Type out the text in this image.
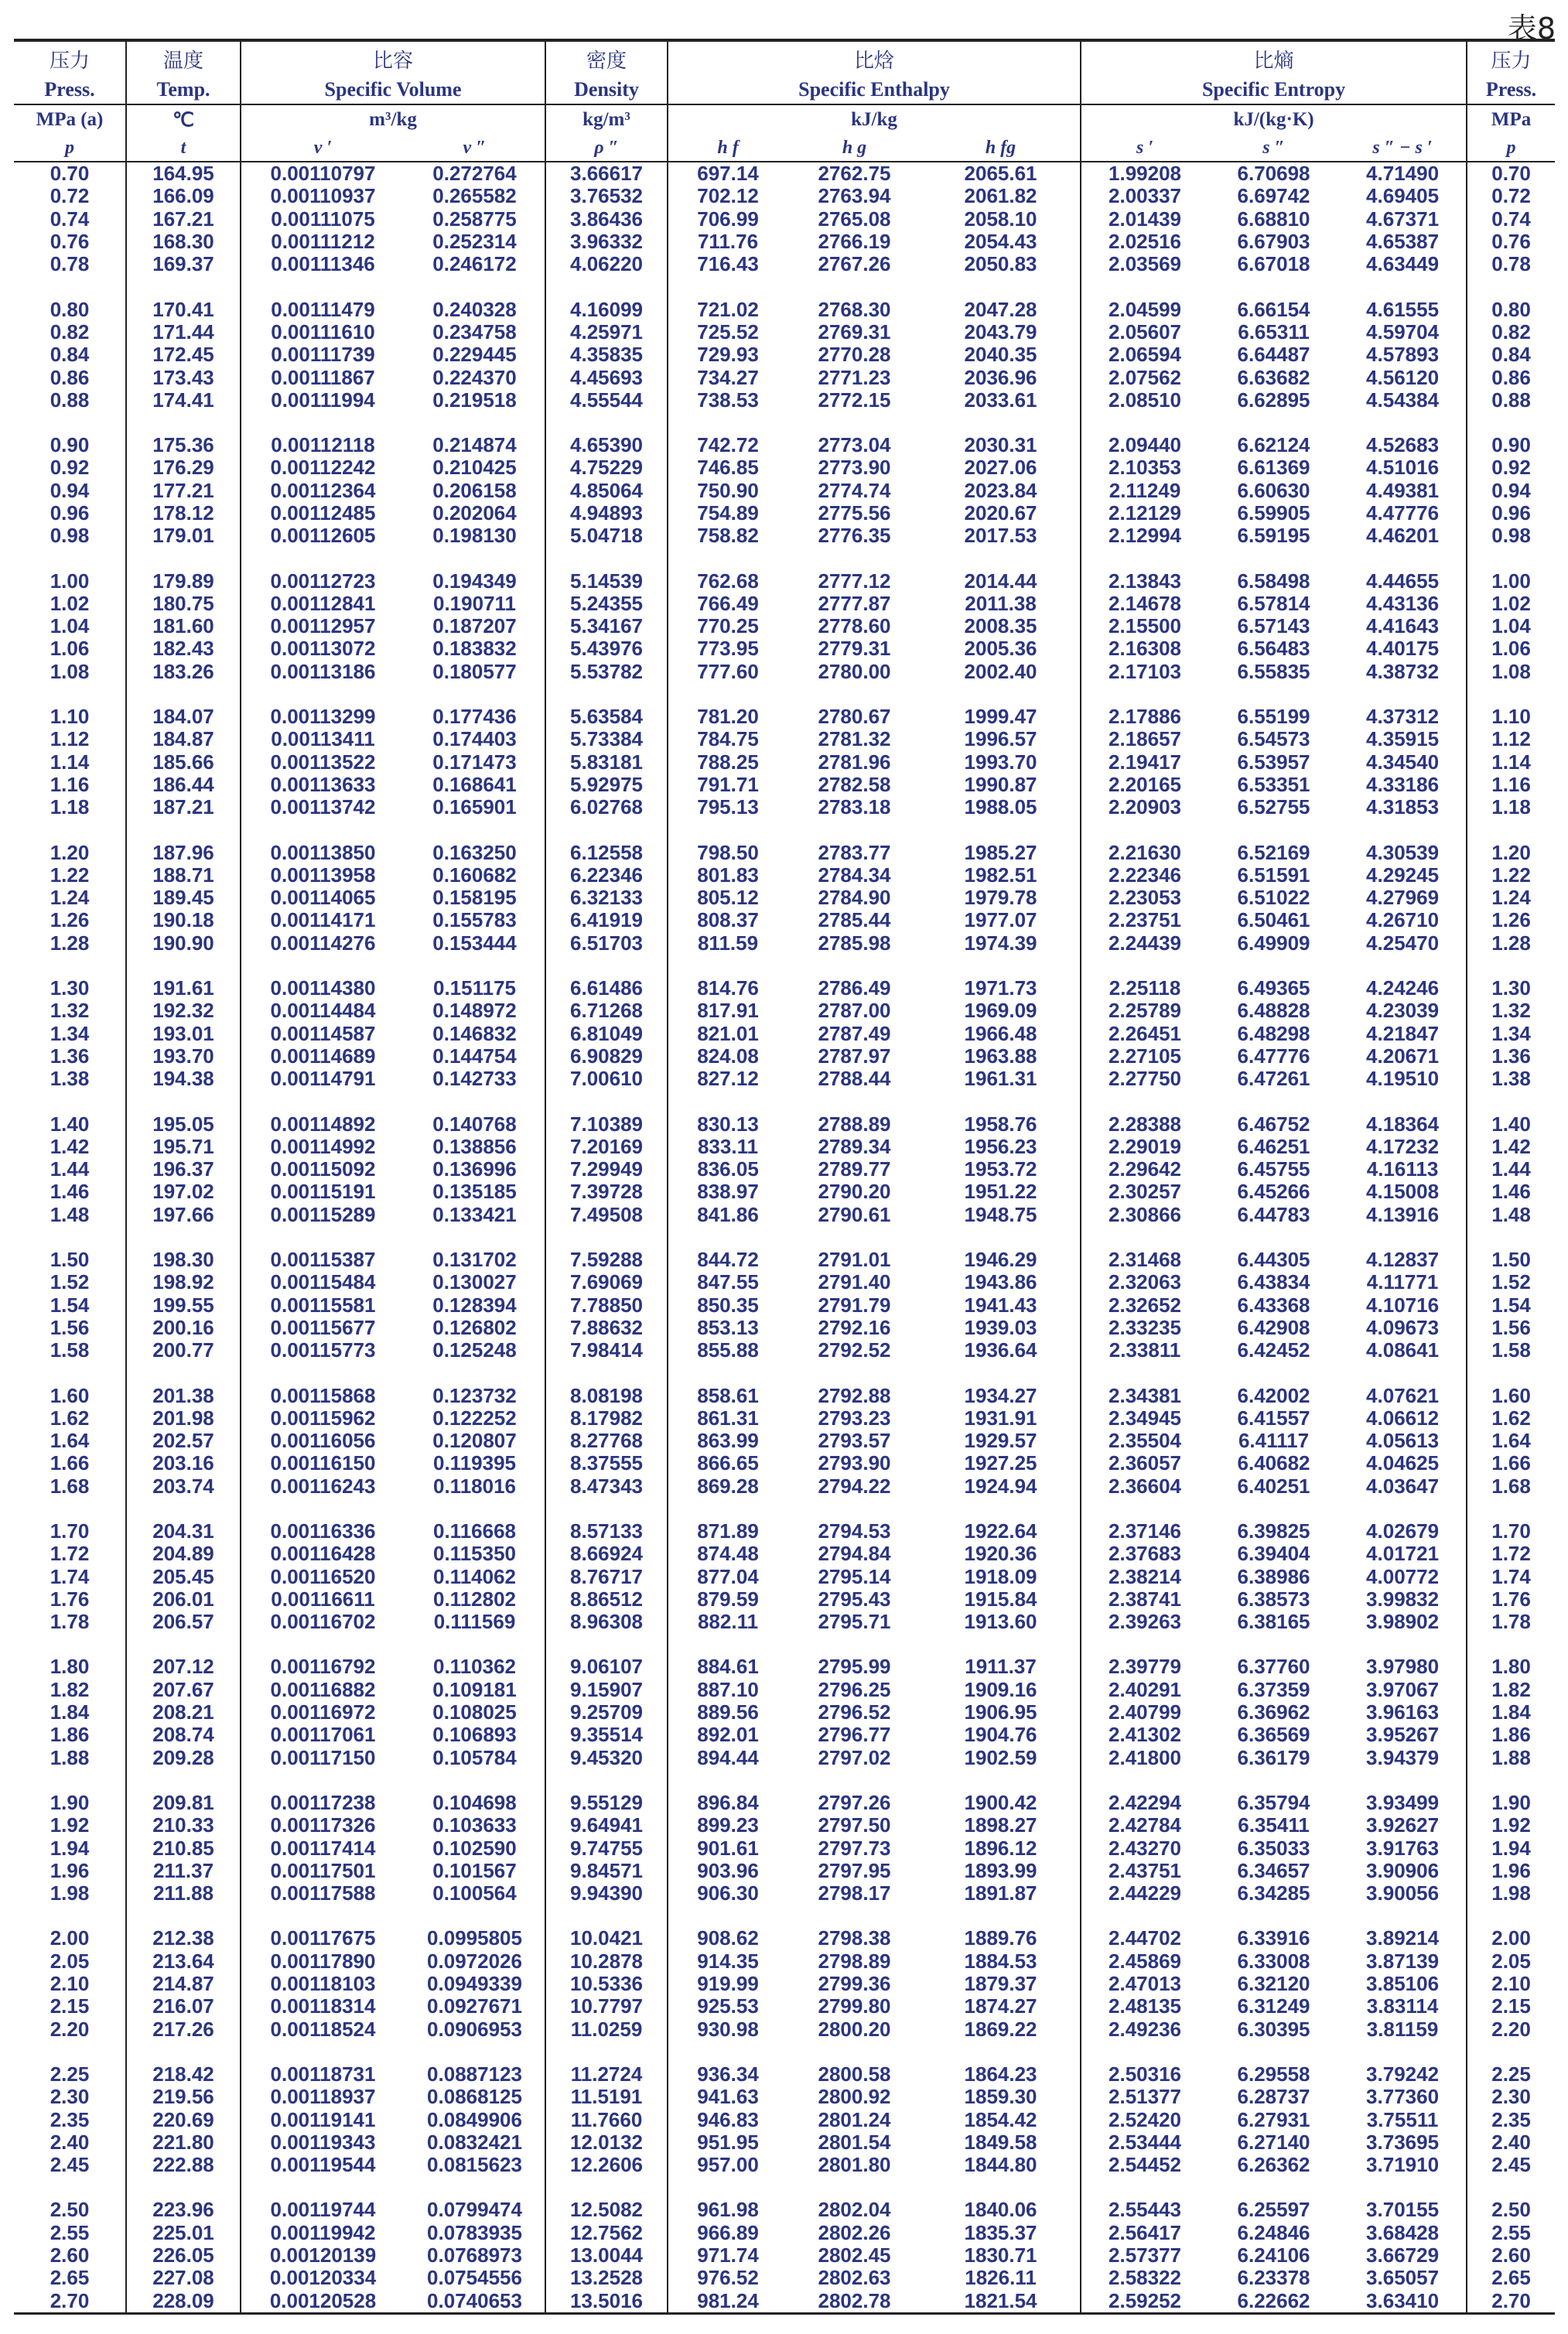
表8
压力	温度	比容		密度	比焓			比熵			压力
Press.	Temp.	Specific Volume		Density	Specific Enthalpy			Specific Entropy			Press.
MPa (a)	℃	m³/kg		kg/m³	kJ/kg			kJ/(kg·K)			MPa
p	t	v ′	v ″	ρ ″	h f	h g	h fg	s ′	s ″	s ″ − s ′	p
0.70	164.95	0.00110797	0.272764	3.66617	697.14	2762.75	2065.61	1.99208	6.70698	4.71490	0.70
0.72	166.09	0.00110937	0.265582	3.76532	702.12	2763.94	2061.82	2.00337	6.69742	4.69405	0.72
0.74	167.21	0.00111075	0.258775	3.86436	706.99	2765.08	2058.10	2.01439	6.68810	4.67371	0.74
0.76	168.30	0.00111212	0.252314	3.96332	711.76	2766.19	2054.43	2.02516	6.67903	4.65387	0.76
0.78	169.37	0.00111346	0.246172	4.06220	716.43	2767.26	2050.83	2.03569	6.67018	4.63449	0.78

0.80	170.41	0.00111479	0.240328	4.16099	721.02	2768.30	2047.28	2.04599	6.66154	4.61555	0.80
0.82	171.44	0.00111610	0.234758	4.25971	725.52	2769.31	2043.79	2.05607	6.65311	4.59704	0.82
0.84	172.45	0.00111739	0.229445	4.35835	729.93	2770.28	2040.35	2.06594	6.64487	4.57893	0.84
0.86	173.43	0.00111867	0.224370	4.45693	734.27	2771.23	2036.96	2.07562	6.63682	4.56120	0.86
0.88	174.41	0.00111994	0.219518	4.55544	738.53	2772.15	2033.61	2.08510	6.62895	4.54384	0.88

0.90	175.36	0.00112118	0.214874	4.65390	742.72	2773.04	2030.31	2.09440	6.62124	4.52683	0.90
0.92	176.29	0.00112242	0.210425	4.75229	746.85	2773.90	2027.06	2.10353	6.61369	4.51016	0.92
0.94	177.21	0.00112364	0.206158	4.85064	750.90	2774.74	2023.84	2.11249	6.60630	4.49381	0.94
0.96	178.12	0.00112485	0.202064	4.94893	754.89	2775.56	2020.67	2.12129	6.59905	4.47776	0.96
0.98	179.01	0.00112605	0.198130	5.04718	758.82	2776.35	2017.53	2.12994	6.59195	4.46201	0.98

1.00	179.89	0.00112723	0.194349	5.14539	762.68	2777.12	2014.44	2.13843	6.58498	4.44655	1.00
1.02	180.75	0.00112841	0.190711	5.24355	766.49	2777.87	2011.38	2.14678	6.57814	4.43136	1.02
1.04	181.60	0.00112957	0.187207	5.34167	770.25	2778.60	2008.35	2.15500	6.57143	4.41643	1.04
1.06	182.43	0.00113072	0.183832	5.43976	773.95	2779.31	2005.36	2.16308	6.56483	4.40175	1.06
1.08	183.26	0.00113186	0.180577	5.53782	777.60	2780.00	2002.40	2.17103	6.55835	4.38732	1.08

1.10	184.07	0.00113299	0.177436	5.63584	781.20	2780.67	1999.47	2.17886	6.55199	4.37312	1.10
1.12	184.87	0.00113411	0.174403	5.73384	784.75	2781.32	1996.57	2.18657	6.54573	4.35915	1.12
1.14	185.66	0.00113522	0.171473	5.83181	788.25	2781.96	1993.70	2.19417	6.53957	4.34540	1.14
1.16	186.44	0.00113633	0.168641	5.92975	791.71	2782.58	1990.87	2.20165	6.53351	4.33186	1.16
1.18	187.21	0.00113742	0.165901	6.02768	795.13	2783.18	1988.05	2.20903	6.52755	4.31853	1.18

1.20	187.96	0.00113850	0.163250	6.12558	798.50	2783.77	1985.27	2.21630	6.52169	4.30539	1.20
1.22	188.71	0.00113958	0.160682	6.22346	801.83	2784.34	1982.51	2.22346	6.51591	4.29245	1.22
1.24	189.45	0.00114065	0.158195	6.32133	805.12	2784.90	1979.78	2.23053	6.51022	4.27969	1.24
1.26	190.18	0.00114171	0.155783	6.41919	808.37	2785.44	1977.07	2.23751	6.50461	4.26710	1.26
1.28	190.90	0.00114276	0.153444	6.51703	811.59	2785.98	1974.39	2.24439	6.49909	4.25470	1.28

1.30	191.61	0.00114380	0.151175	6.61486	814.76	2786.49	1971.73	2.25118	6.49365	4.24246	1.30
1.32	192.32	0.00114484	0.148972	6.71268	817.91	2787.00	1969.09	2.25789	6.48828	4.23039	1.32
1.34	193.01	0.00114587	0.146832	6.81049	821.01	2787.49	1966.48	2.26451	6.48298	4.21847	1.34
1.36	193.70	0.00114689	0.144754	6.90829	824.08	2787.97	1963.88	2.27105	6.47776	4.20671	1.36
1.38	194.38	0.00114791	0.142733	7.00610	827.12	2788.44	1961.31	2.27750	6.47261	4.19510	1.38

1.40	195.05	0.00114892	0.140768	7.10389	830.13	2788.89	1958.76	2.28388	6.46752	4.18364	1.40
1.42	195.71	0.00114992	0.138856	7.20169	833.11	2789.34	1956.23	2.29019	6.46251	4.17232	1.42
1.44	196.37	0.00115092	0.136996	7.29949	836.05	2789.77	1953.72	2.29642	6.45755	4.16113	1.44
1.46	197.02	0.00115191	0.135185	7.39728	838.97	2790.20	1951.22	2.30257	6.45266	4.15008	1.46
1.48	197.66	0.00115289	0.133421	7.49508	841.86	2790.61	1948.75	2.30866	6.44783	4.13916	1.48

1.50	198.30	0.00115387	0.131702	7.59288	844.72	2791.01	1946.29	2.31468	6.44305	4.12837	1.50
1.52	198.92	0.00115484	0.130027	7.69069	847.55	2791.40	1943.86	2.32063	6.43834	4.11771	1.52
1.54	199.55	0.00115581	0.128394	7.78850	850.35	2791.79	1941.43	2.32652	6.43368	4.10716	1.54
1.56	200.16	0.00115677	0.126802	7.88632	853.13	2792.16	1939.03	2.33235	6.42908	4.09673	1.56
1.58	200.77	0.00115773	0.125248	7.98414	855.88	2792.52	1936.64	2.33811	6.42452	4.08641	1.58

1.60	201.38	0.00115868	0.123732	8.08198	858.61	2792.88	1934.27	2.34381	6.42002	4.07621	1.60
1.62	201.98	0.00115962	0.122252	8.17982	861.31	2793.23	1931.91	2.34945	6.41557	4.06612	1.62
1.64	202.57	0.00116056	0.120807	8.27768	863.99	2793.57	1929.57	2.35504	6.41117	4.05613	1.64
1.66	203.16	0.00116150	0.119395	8.37555	866.65	2793.90	1927.25	2.36057	6.40682	4.04625	1.66
1.68	203.74	0.00116243	0.118016	8.47343	869.28	2794.22	1924.94	2.36604	6.40251	4.03647	1.68

1.70	204.31	0.00116336	0.116668	8.57133	871.89	2794.53	1922.64	2.37146	6.39825	4.02679	1.70
1.72	204.89	0.00116428	0.115350	8.66924	874.48	2794.84	1920.36	2.37683	6.39404	4.01721	1.72
1.74	205.45	0.00116520	0.114062	8.76717	877.04	2795.14	1918.09	2.38214	6.38986	4.00772	1.74
1.76	206.01	0.00116611	0.112802	8.86512	879.59	2795.43	1915.84	2.38741	6.38573	3.99832	1.76
1.78	206.57	0.00116702	0.111569	8.96308	882.11	2795.71	1913.60	2.39263	6.38165	3.98902	1.78

1.80	207.12	0.00116792	0.110362	9.06107	884.61	2795.99	1911.37	2.39779	6.37760	3.97980	1.80
1.82	207.67	0.00116882	0.109181	9.15907	887.10	2796.25	1909.16	2.40291	6.37359	3.97067	1.82
1.84	208.21	0.00116972	0.108025	9.25709	889.56	2796.52	1906.95	2.40799	6.36962	3.96163	1.84
1.86	208.74	0.00117061	0.106893	9.35514	892.01	2796.77	1904.76	2.41302	6.36569	3.95267	1.86
1.88	209.28	0.00117150	0.105784	9.45320	894.44	2797.02	1902.59	2.41800	6.36179	3.94379	1.88

1.90	209.81	0.00117238	0.104698	9.55129	896.84	2797.26	1900.42	2.42294	6.35794	3.93499	1.90
1.92	210.33	0.00117326	0.103633	9.64941	899.23	2797.50	1898.27	2.42784	6.35411	3.92627	1.92
1.94	210.85	0.00117414	0.102590	9.74755	901.61	2797.73	1896.12	2.43270	6.35033	3.91763	1.94
1.96	211.37	0.00117501	0.101567	9.84571	903.96	2797.95	1893.99	2.43751	6.34657	3.90906	1.96
1.98	211.88	0.00117588	0.100564	9.94390	906.30	2798.17	1891.87	2.44229	6.34285	3.90056	1.98

2.00	212.38	0.00117675	0.0995805	10.0421	908.62	2798.38	1889.76	2.44702	6.33916	3.89214	2.00
2.05	213.64	0.00117890	0.0972026	10.2878	914.35	2798.89	1884.53	2.45869	6.33008	3.87139	2.05
2.10	214.87	0.00118103	0.0949339	10.5336	919.99	2799.36	1879.37	2.47013	6.32120	3.85106	2.10
2.15	216.07	0.00118314	0.0927671	10.7797	925.53	2799.80	1874.27	2.48135	6.31249	3.83114	2.15
2.20	217.26	0.00118524	0.0906953	11.0259	930.98	2800.20	1869.22	2.49236	6.30395	3.81159	2.20

2.25	218.42	0.00118731	0.0887123	11.2724	936.34	2800.58	1864.23	2.50316	6.29558	3.79242	2.25
2.30	219.56	0.00118937	0.0868125	11.5191	941.63	2800.92	1859.30	2.51377	6.28737	3.77360	2.30
2.35	220.69	0.00119141	0.0849906	11.7660	946.83	2801.24	1854.42	2.52420	6.27931	3.75511	2.35
2.40	221.80	0.00119343	0.0832421	12.0132	951.95	2801.54	1849.58	2.53444	6.27140	3.73695	2.40
2.45	222.88	0.00119544	0.0815623	12.2606	957.00	2801.80	1844.80	2.54452	6.26362	3.71910	2.45

2.50	223.96	0.00119744	0.0799474	12.5082	961.98	2802.04	1840.06	2.55443	6.25597	3.70155	2.50
2.55	225.01	0.00119942	0.0783935	12.7562	966.89	2802.26	1835.37	2.56417	6.24846	3.68428	2.55
2.60	226.05	0.00120139	0.0768973	13.0044	971.74	2802.45	1830.71	2.57377	6.24106	3.66729	2.60
2.65	227.08	0.00120334	0.0754556	13.2528	976.52	2802.63	1826.11	2.58322	6.23378	3.65057	2.65
2.70	228.09	0.00120528	0.0740653	13.5016	981.24	2802.78	1821.54	2.59252	6.22662	3.63410	2.70
